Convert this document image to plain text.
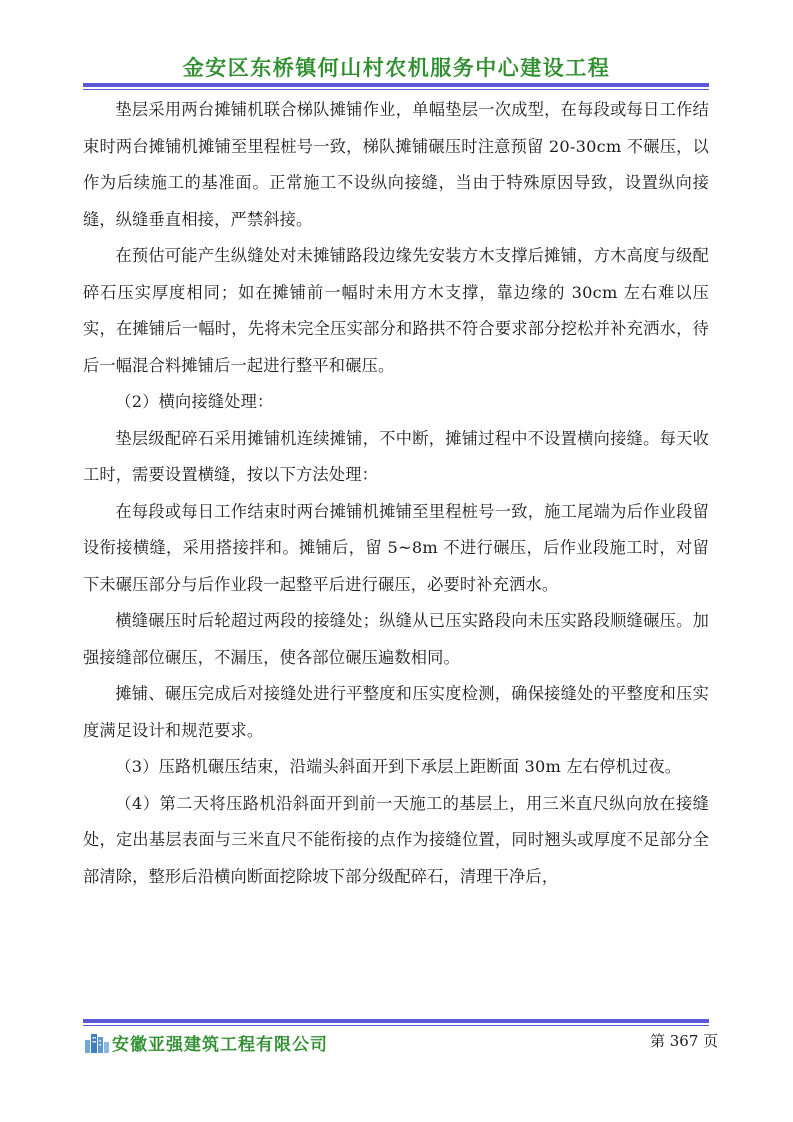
金安区东桥镇何山村农机服务中心建设工程

垫层采用两台摊铺机联合梯队摊铺作业，单幅垫层一次成型，在每段或每日工作结束时两台摊铺机摊铺至里程桩号一致，梯队摊铺碾压时注意预留 20-30cm 不碾压，以作为后续施工的基准面。正常施工不设纵向接缝，当由于特殊原因导致，设置纵向接缝，纵缝垂直相接，严禁斜接。

在预估可能产生纵缝处对未摊铺路段边缘先安装方木支撑后摊铺，方木高度与级配碎石压实厚度相同；如在摊铺前一幅时未用方木支撑，靠边缘的 30cm 左右难以压实，在摊铺后一幅时，先将未完全压实部分和路拱不符合要求部分挖松并补充洒水，待后一幅混合料摊铺后一起进行整平和碾压。

（2）横向接缝处理：

垫层级配碎石采用摊铺机连续摊铺，不中断，摊铺过程中不设置横向接缝。每天收工时，需要设置横缝，按以下方法处理：

在每段或每日工作结束时两台摊铺机摊铺至里程桩号一致，施工尾端为后作业段留设衔接横缝，采用搭接拌和。摊铺后，留 5~8m 不进行碾压，后作业段施工时，对留下未碾压部分与后作业段一起整平后进行碾压，必要时补充洒水。

横缝碾压时后轮超过两段的接缝处；纵缝从已压实路段向未压实路段顺缝碾压。加强接缝部位碾压，不漏压，使各部位碾压遍数相同。

摊铺、碾压完成后对接缝处进行平整度和压实度检测，确保接缝处的平整度和压实度满足设计和规范要求。

（3）压路机碾压结束，沿端头斜面开到下承层上距断面 30m 左右停机过夜。

（4）第二天将压路机沿斜面开到前一天施工的基层上，用三米直尺纵向放在接缝处，定出基层表面与三米直尺不能衔接的点作为接缝位置，同时翘头或厚度不足部分全部清除，整形后沿横向断面挖除坡下部分级配碎石，清理干净后，

安徽亚强建筑工程有限公司	第 367 页
